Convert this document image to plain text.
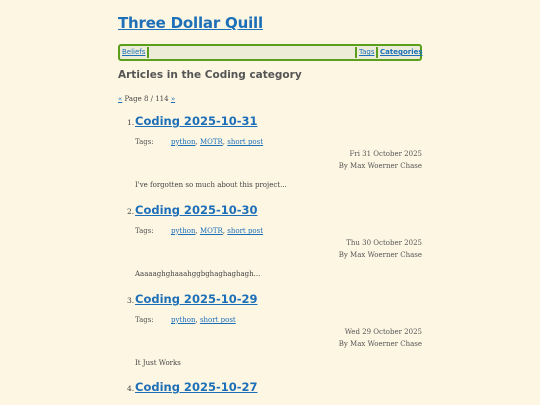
Three Dollar Quill
Beliefs	Tags Categories
Articles in the Coding category
« Page 8 / 114 »
1. Coding 2025-10-31
Tags: python, MOTR, short post
Fri 31 October 2025
By Max Woerner Chase
I've forgotten so much about this project...
2. Coding 2025-10-30
Tags: python, MOTR, short post
Thu 30 October 2025
By Max Woerner Chase
Aaaaaghghaaahggbghaghaghagh...
3. Coding 2025-10-29
Tags: python, short post
Wed 29 October 2025
By Max Woerner Chase
It Just Works
4. Coding 2025-10-27
